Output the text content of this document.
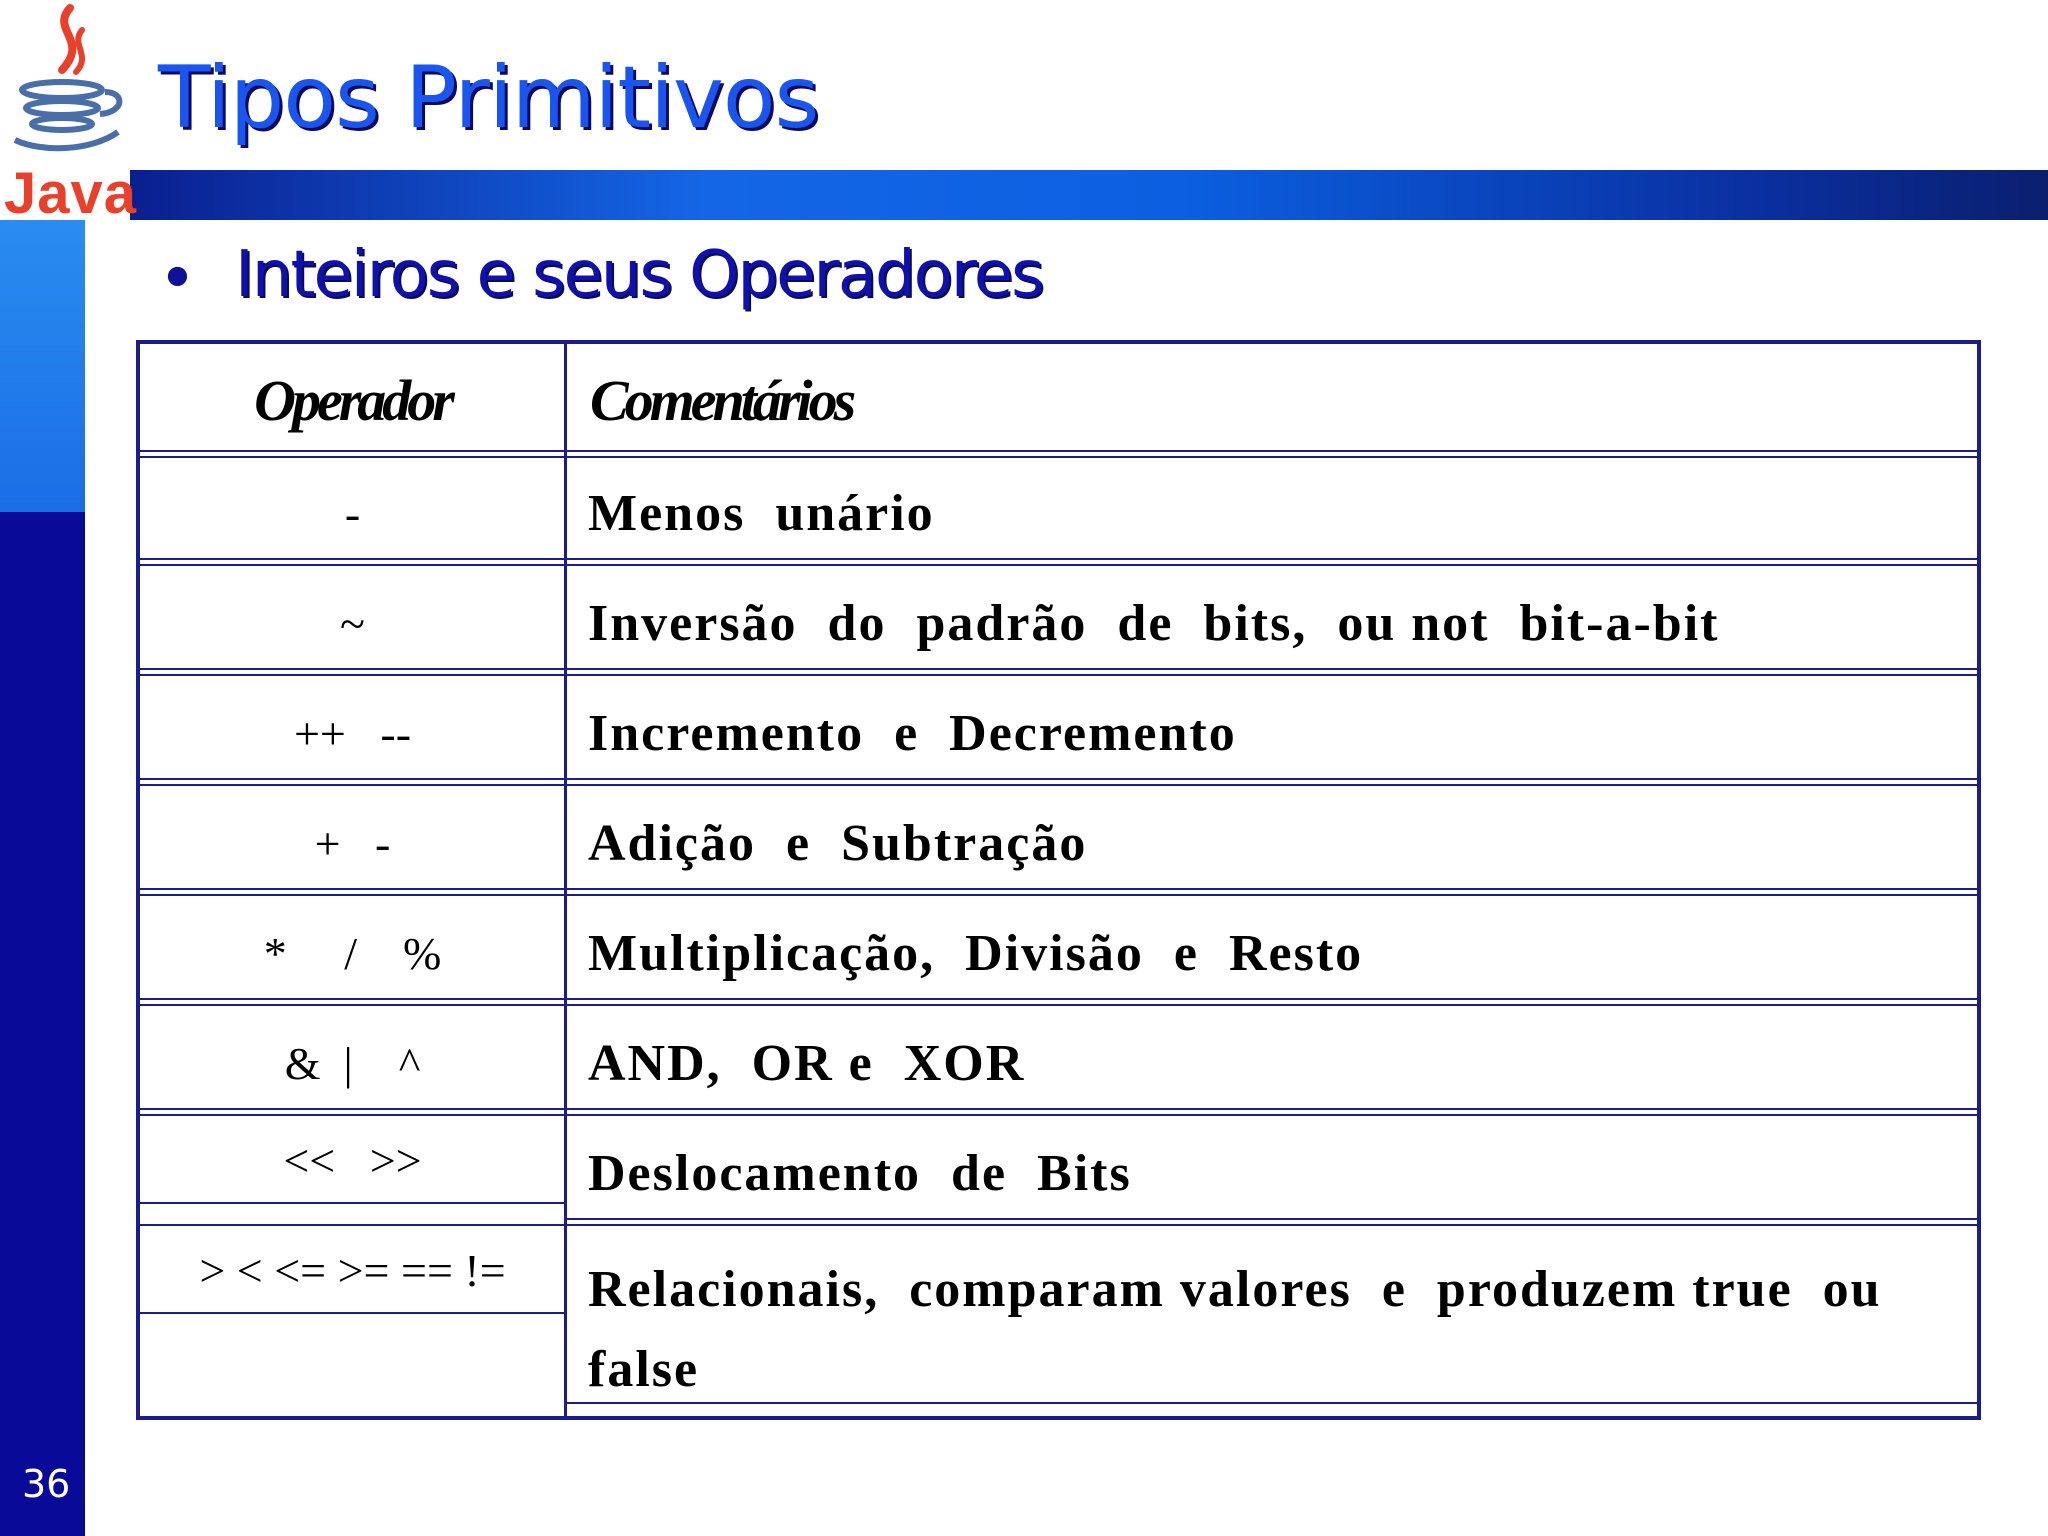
Java
Tipos Primitivos
• Inteiros e seus Operadores
Operador	Comentários
-	Menos  unário
~	Inversão  do  padrão  de  bits,  ou not  bit-a-bit
++   --	Incremento  e  Decremento
+   -	Adição  e  Subtração
*     /    %	Multiplicação,  Divisão  e  Resto
&  |    ^	AND,  OR e  XOR
<<   >>	Deslocamento  de  Bits
> < <= >= == !=	Relacionais,  comparam valores  e  produzem true  ou
false
36
